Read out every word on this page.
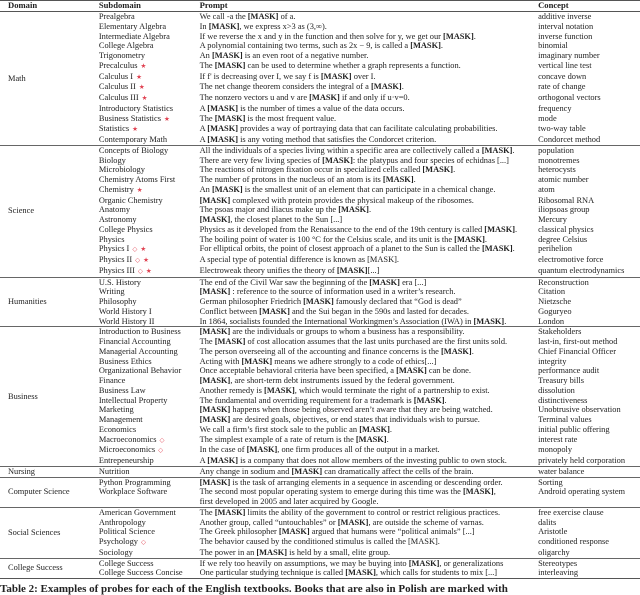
Domain	Subdomain	Prompt	Concept
Math	Prealgebra	We call -a the [MASK] of a.	additive inverse
	Elementary Algebra	In [MASK], we express x>3 as (3,∞).	interval notation
	Intermediate Algebra	If we reverse the x and y in the function and then solve for y, we get our [MASK].	inverse function
	College Algebra	A polynomial containing two terms, such as 2x − 9, is called a [MASK].	binomial
	Trigonometry	An [MASK] is an even root of a negative number.	imaginary number
	Precalculus ★	The [MASK] can be used to determine whether a graph represents a function.	vertical line test
	Calculus I ★	If f' is decreasing over I, we say f is [MASK] over I.	concave down
	Calculus II ★	The net change theorem considers the integral of a [MASK].	rate of change
	Calculus III ★	The nonzero vectors u and v are [MASK] if and only if u·v=0.	orthogonal vectors
	Introductory Statistics	A [MASK] is the number of times a value of the data occurs.	frequency
	Business Statistics ★	The [MASK] is the most frequent value.	mode
	Statistics ★	A [MASK] provides a way of portraying data that can facilitate calculating probabilities.	two-way table
	Contemporary Math	A [MASK] is any voting method that satisfies the Condorcet criterion.	Condorcet method
Science	Concepts of Biology	All the individuals of a species living within a specific area are collectively called a [MASK].	population
	Biology	There are very few living species of [MASK]: the platypus and four species of echidnas [...]	monotremes
	Microbiology	The reactions of nitrogen fixation occur in specialized cells called [MASK].	heterocysts
	Chemistry Atoms First	The number of protons in the nucleus of an atom is its [MASK].	atomic number
	Chemistry ★	An [MASK] is the smallest unit of an element that can participate in a chemical change.	atom
	Organic Chemistry	[MASK] complexed with protein provides the physical makeup of the ribosomes.	Ribosomal RNA
	Anatomy	The psoas major and iliacus make up the [MASK].	iliopsoas group
	Astronomy	[MASK], the closest planet to the Sun [...]	Mercury
	College Physics	Physics as it developed from the Renaissance to the end of the 19th century is called [MASK].	classical physics
	Physics	The boiling point of water is 100 °C for the Celsius scale, and its unit is the [MASK].	degree Celsius
	Physics I ◇ ★	For elliptical orbits, the point of closest approach of a planet to the Sun is called the [MASK].	perihelion
	Physics II ◇ ★	A special type of potential difference is known as [MASK].	electromotive force
	Physics III ◇ ★	Electroweak theory unifies the theory of [MASK][...]	quantum electrodynamics
Humanities	U.S. History	The end of the Civil War saw the beginning of the [MASK] era [...]	Reconstruction
	Writing	[MASK] : reference to the source of information used in a writer’s research.	Citation
	Philosophy	German philosopher Friedrich [MASK] famously declared that “God is dead”	Nietzsche
	World History I	Conflict between [MASK] and the Sui began in the 590s and lasted for decades.	Goguryeo
	World History II	In 1864, socialists founded the International Workingmen’s Association (IWA) in [MASK].	London
Business	Introduction to Business	[MASK] are the individuals or groups to whom a business has a responsibility.	Stakeholders
	Financial Accounting	The [MASK] of cost allocation assumes that the last units purchased are the first units sold.	last-in, first-out method
	Managerial Accounting	The person overseeing all of the accounting and finance concerns is the [MASK].	Chief Financial Officer
	Business Ethics	Acting with [MASK] means we adhere strongly to a code of ethics[...]	integrity
	Organizational Behavior	Once acceptable behavioral criteria have been specified, a [MASK] can be done.	performance audit
	Finance	[MASK], are short-term debt instruments issued by the federal government.	Treasury bills
	Business Law	Another remedy is [MASK], which would terminate the right of a partnership to exist.	dissolution
	Intellectual Property	The fundamental and overriding requirement for a trademark is [MASK].	distinctiveness
	Marketing	[MASK] happens when those being observed aren’t aware that they are being watched.	Unobtrusive observation
	Management	[MASK] are desired goals, objectives, or end states that individuals wish to pursue.	Terminal values
	Economics	We call a firm’s first stock sale to the public an [MASK].	initial public offering
	Macroeconomics ◇	The simplest example of a rate of return is the [MASK].	interest rate
	Microeconomics ◇	In the case of [MASK], one firm produces all of the output in a market.	monopoly
	Entrepeneurship	A [MASK] is a company that does not allow members of the investing public to own stock.	privately held corporation
Nursing	Nutrition	Any change in sodium and [MASK] can dramatically affect the cells of the brain.	water balance
Computer Science	Python Programming	[MASK] is the task of arranging elements in a sequence in ascending or descending order.	Sorting
	Workplace Software	The second most popular operating system to emerge during this time was the [MASK],	Android operating system
		first developed in 2005 and later acquired by Google.	
Social Sciences	American Government	The [MASK] limits the ability of the government to control or restrict religious practices.	free exercise clause
	Anthropology	Another group, called “untouchables” or [MASK], are outside the scheme of varnas.	dalits
	Political Science	The Greek philosopher [MASK] argued that humans were “political animals” [...]	Aristotle
	Psychology ◇	The behavior caused by the conditioned stimulus is called the [MASK].	conditioned response
	Sociology	The power in an [MASK] is held by a small, elite group.	oligarchy
College Success	College Success	If we rely too heavily on assumptions, we may be buying into [MASK], or generalizations	Stereotypes
	College Success Concise	One particular studying technique is called [MASK], which calls for students to mix [...]	interleaving
Table 2: Examples of probes for each of the English textbooks. Books that are also in Polish are marked with
